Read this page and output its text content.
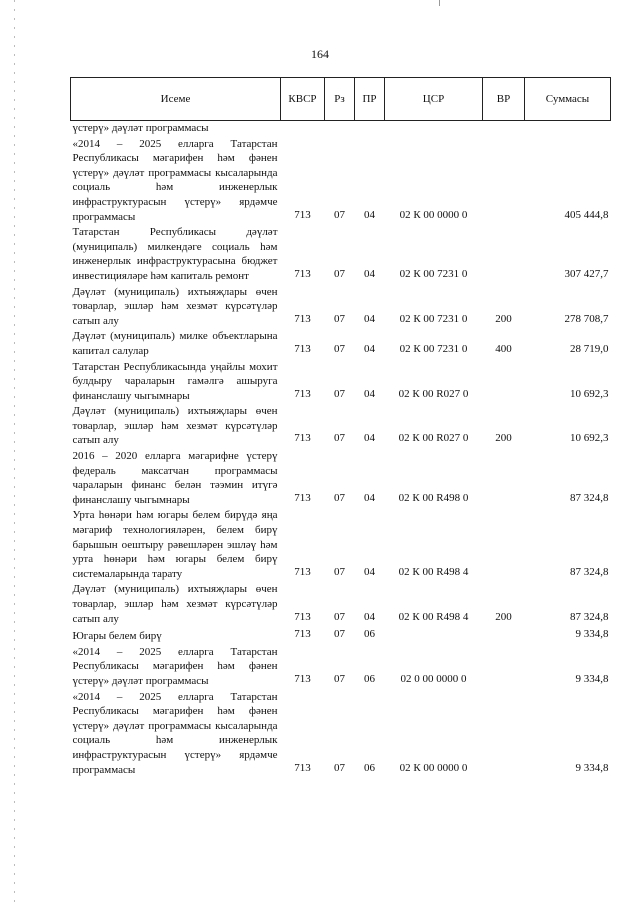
164
Исеме	КВСР	Рз	ПР	ЦСР	ВР	Суммасы
үстерү» дәүләт программасы						
«2014 – 2025 елларга Татарстан Республикасы мәгарифен һәм фәнен үстерү» дәүләт программасы кысаларында социаль һәм инженерлык инфраструктурасын үстерү» ярдәмче программасы	713	07	04	02 К 00 0000 0		405 444,8
Татарстан Республикасы дәүләт (муниципаль) милкендәге социаль һәм инженерлык инфраструктурасына бюджет инвестицияләре һәм капиталь ремонт	713	07	04	02 К 00 7231 0		307 427,7
Дәүләт (муниципаль) ихтыяҗлары өчен товарлар, эшләр һәм хезмәт күрсәтүләр сатып алу	713	07	04	02 К 00 7231 0	200	278 708,7
Дәүләт (муниципаль) милке объектларына капитал салулар	713	07	04	02 К 00 7231 0	400	28 719,0
Татарстан Республикасында уңайлы мохит булдыру чараларын гамәлгә ашыруга финанслашу чыгымнары	713	07	04	02 К 00 R027 0		10 692,3
Дәүләт (муниципаль) ихтыяҗлары өчен товарлар, эшләр һәм хезмәт күрсәтүләр сатып алу	713	07	04	02 К 00 R027 0	200	10 692,3
2016 – 2020 елларга мәгарифне үстерү федераль максатчан программасы чараларын финанс белән тәэмин итүгә финанслашу чыгымнары	713	07	04	02 К 00 R498 0		87 324,8
Урта һөнәри һәм югары белем бирүдә яңа мәгариф технологияләрен, белем бирү барышын оештыру рәвешләрен эшләү һәм урта һөнәри һәм югары белем бирү системаларында тарату	713	07	04	02 К 00 R498 4		87 324,8
Дәүләт (муниципаль) ихтыяҗлары өчен товарлар, эшләр һәм хезмәт күрсәтүләр сатып алу	713	07	04	02 К 00 R498 4	200	87 324,8
Югары белем бирү	713	07	06			9 334,8
«2014 – 2025 елларга Татарстан Республикасы мәгарифен һәм фәнен үстерү» дәүләт программасы	713	07	06	02 0 00 0000 0		9 334,8
«2014 – 2025 елларга Татарстан Республикасы мәгарифен һәм фәнен үстерү» дәүләт программасы кысаларында социаль һәм инженерлык инфраструктурасын үстерү» ярдәмче программасы	713	07	06	02 К 00 0000 0		9 334,8
